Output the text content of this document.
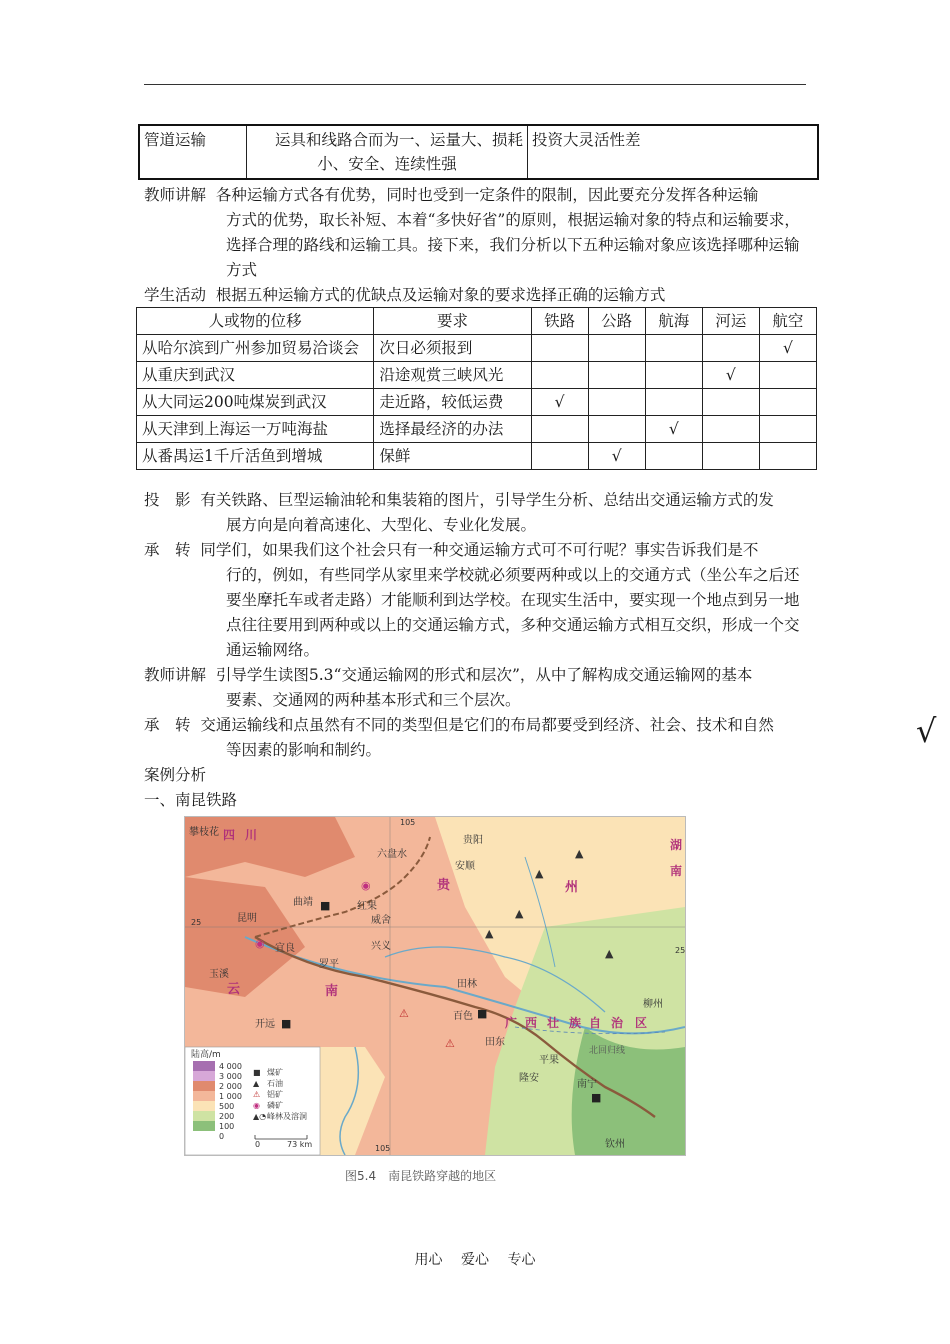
管道运输	运具和线路合而为一、运量大、损耗
小、安全、连续性强
	投资大灵活性差
教师讲解 各种运输方式各有优势，同时也受到一定条件的限制，因此要充分发挥各种运输
方式的优势，取长补短、本着“多快好省”的原则，根据运输对象的特点和运输要求，选择合理的路线和运输工具。接下来，我们分析以下五种运输对象应该选择哪种运输方式
学生活动 根据五种运输方式的优缺点及运输对象的要求选择正确的运输方式
人或物的位移	要求	铁路	公路	航海	河运	航空
从哈尔滨到广州参加贸易洽谈会	次日必须报到					√
从重庆到武汉	沿途观赏三峡风光				√	
从大同运200吨煤炭到武汉	走近路，较低运费	√				
从天津到上海运一万吨海盐	选择最经济的办法			√		
从番禺运1千斤活鱼到增城	保鲜		√			
投　影 有关铁路、巨型运输油轮和集装箱的图片，引导学生分析、总结出交通运输方式的发
展方向是向着高速化、大型化、专业化发展。
承　转 同学们，如果我们这个社会只有一种交通运输方式可不可行呢？事实告诉我们是不
行的，例如，有些同学从家里来学校就必须要两种或以上的交通方式（坐公车之后还要坐摩托车或者走路）才能顺利到达学校。在现实生活中，要实现一个地点到另一地点往往要用到两种或以上的交通运输方式，多种交通运输方式相互交织，形成一个交通运输网络。
教师讲解 引导学生读图5.3“交通运输网的形式和层次”，从中了解构成交通运输网的基本
要素、交通网的两种基本形式和三个层次。
承　转 交通运输线和点虽然有不同的类型但是它们的布局都要受到经济、社会、技术和自然
等因素的影响和制约。	√
案例分析
一、南昆铁路
■
■
■
■
▲
▲
▲
▲
▲
◉
◉
⚠
⚠
攀枝花 四 川
六盘水
贵阳
安顺
曲靖	红果
威舍
昆明
宜良	兴义
罗平
玉溪
云	南
开远
田林
百色
田东
平果
隆安
南宁
钦州
柳州
贵	州
湖
南
广 西 壮 族 自 治 区
北回归线
105
25
105
25
陆高/m
4 000
3 000
2 000
1 000
500
200
100
0
■ 煤矿
▲ 石油
⚠ 铝矿
◉ 磷矿
▲◔ 峰林及溶洞
0	73 km
图5.4　南昆铁路穿越的地区
用心 爱心 专心
